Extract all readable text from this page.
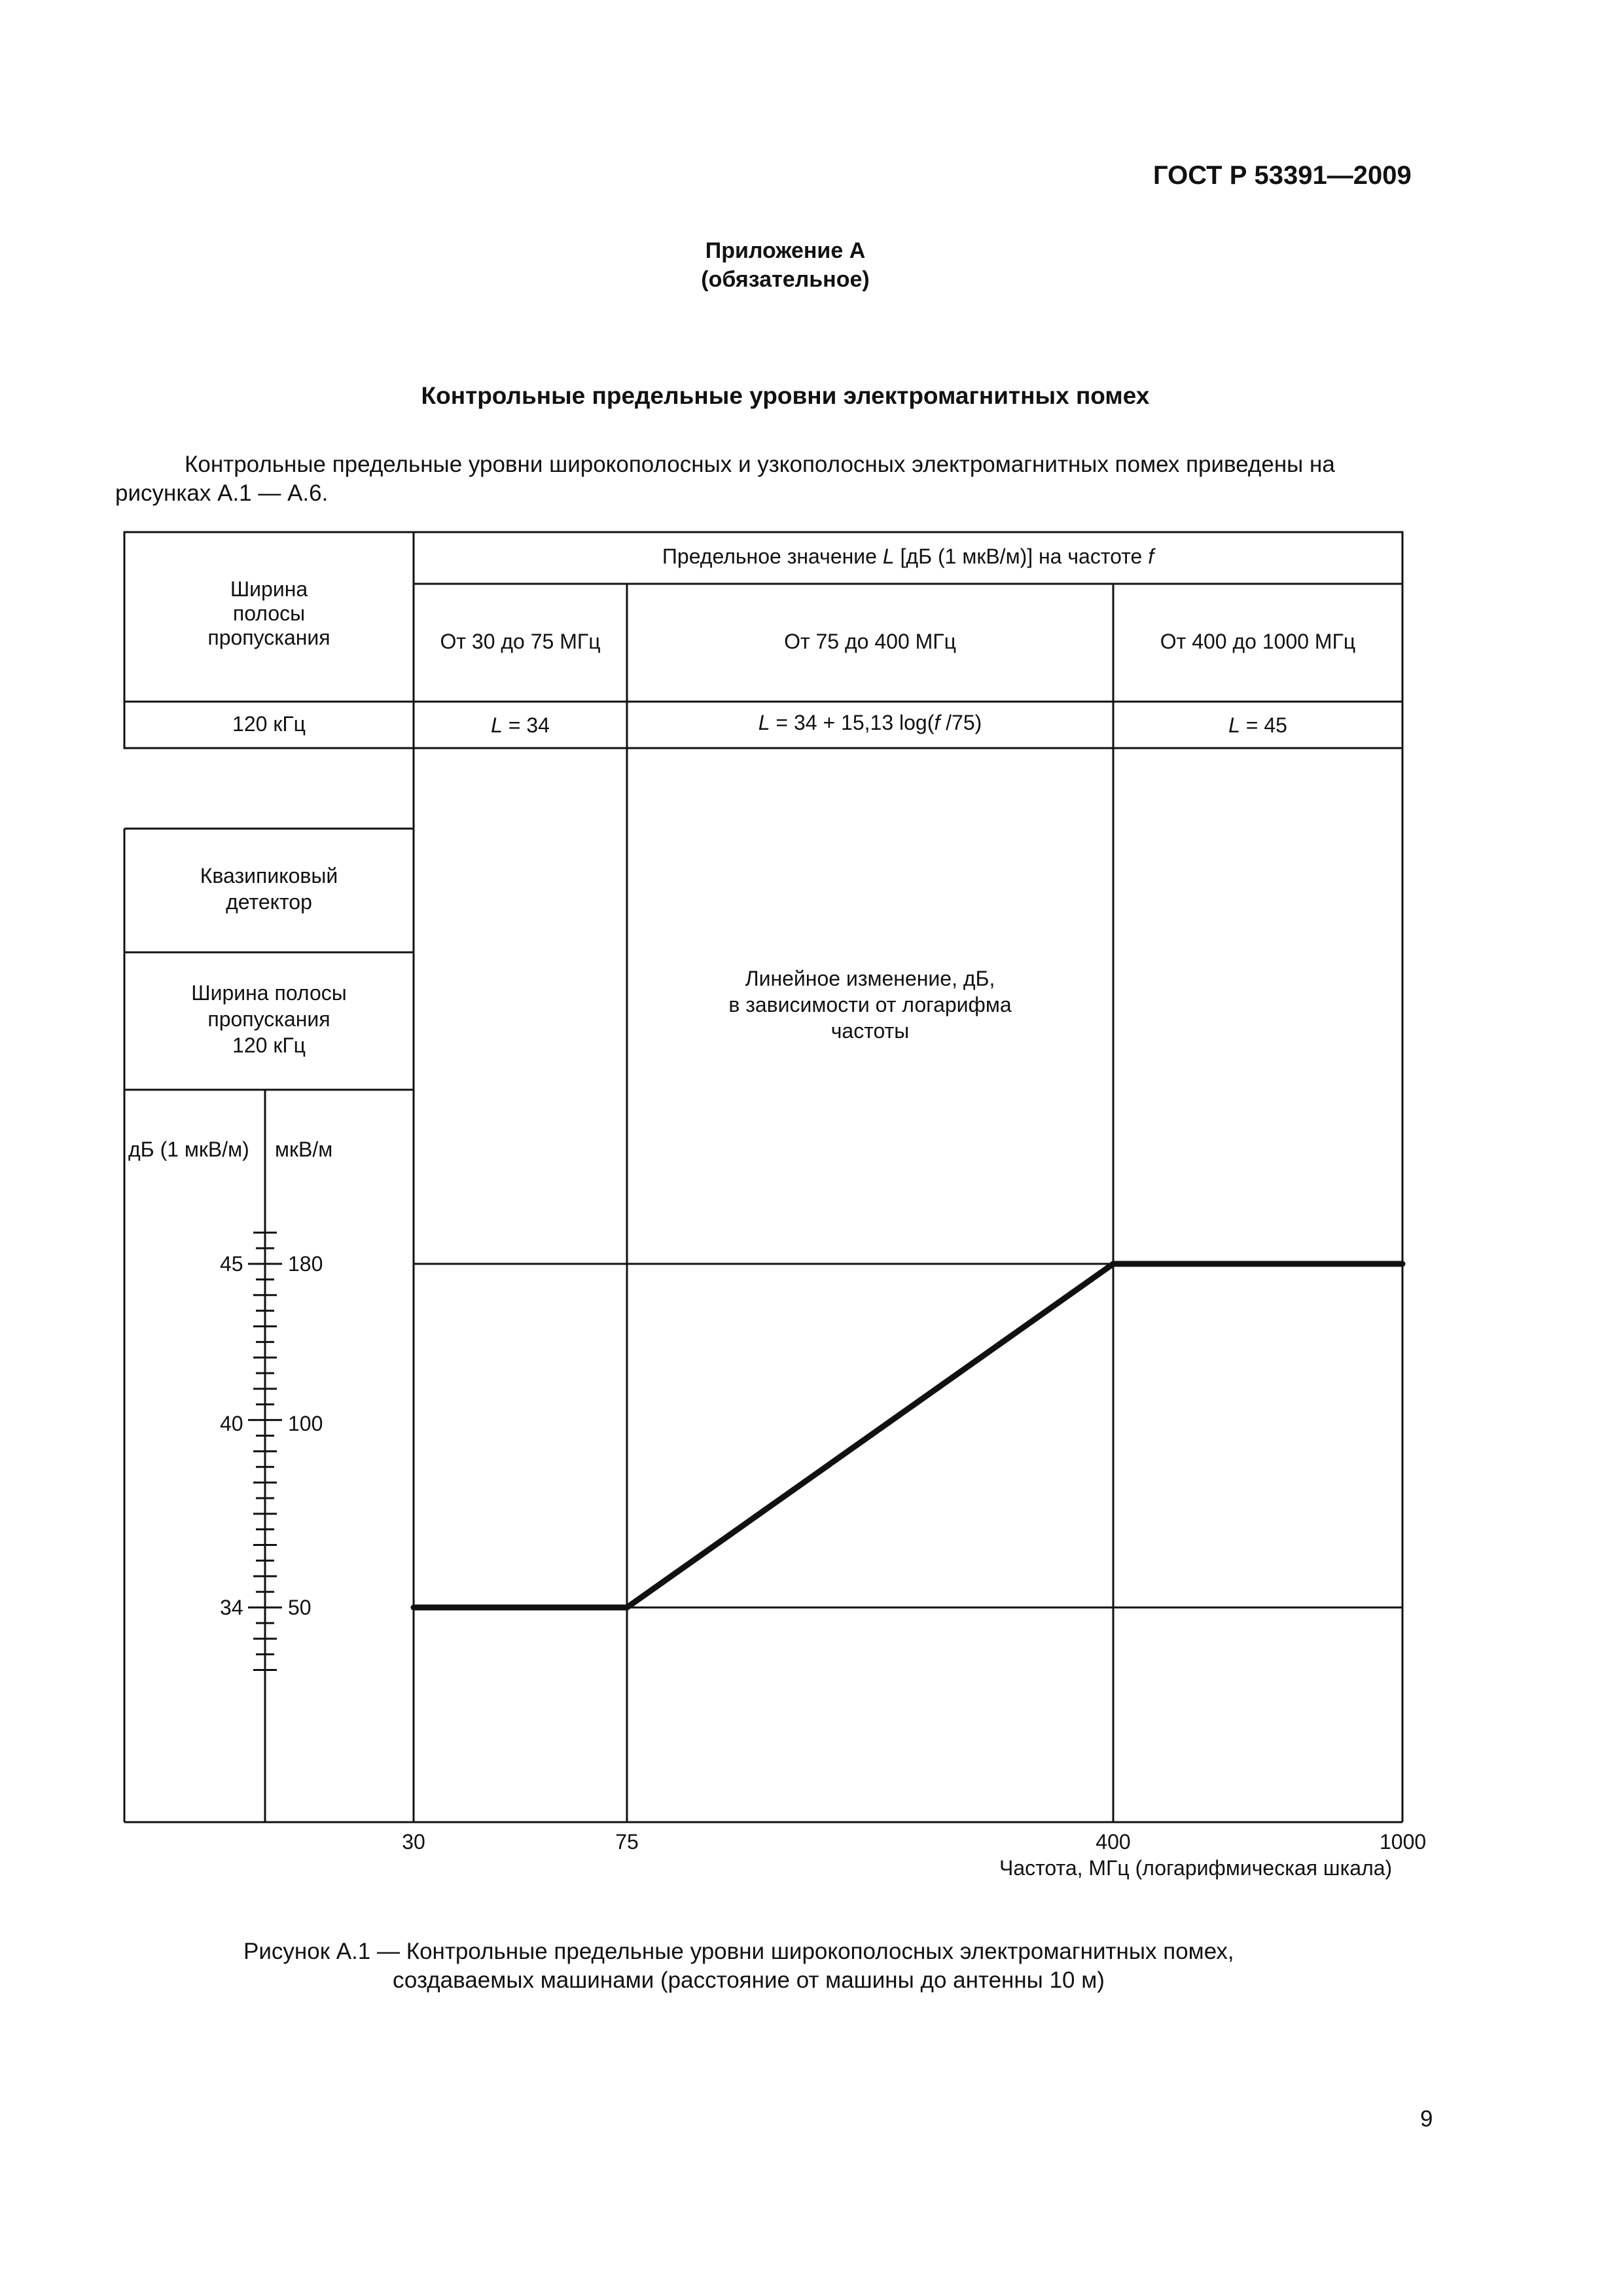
ГОСТ Р 53391—2009
Приложение А
(обязательное)
Контрольные предельные уровни электромагнитных помех
Контрольные предельные уровни широкополосных и узкополосных электромагнитных помех приведены на
рисунках А.1 — А.6.
Ширина
полосы
пропускания
Предельное значение L [дБ (1 мкВ/м)] на частоте f
От 30 до 75 МГц	От 75 до 400 МГц	От 400 до 1000 МГц
120 кГц	L = 34	L = 34 + 15,13 log(f /75)	L = 45
Квазипиковый
детектор
Ширина полосы
пропускания
120 кГц
дБ (1 мкВ/м) мкВ/м
Линейное изменение, дБ,
в зависимости от логарифма
частоты
45
40
34
180
100
50
30	75	400	1000
Частота, МГц (логарифмическая шкала)
Рисунок А.1 — Контрольные предельные уровни широкополосных электромагнитных помех,
создаваемых машинами (расстояние от машины до антенны 10 м)
9
